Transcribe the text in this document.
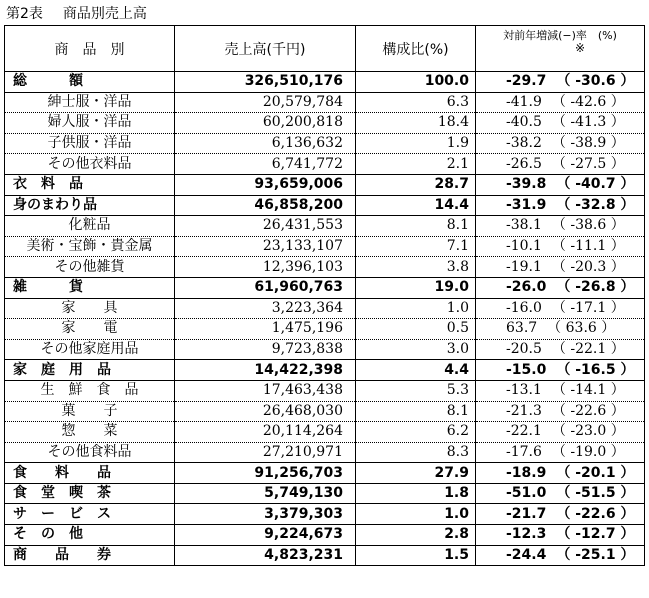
第2表 商品別売上高
商　品　別	売上高(千円)	構成比(%)	対前年増減(−)率　(%)
※

総　　　額	326,510,176	100.0	-29.7 （ -30.6 ）
紳士服・洋品	20,579,784	6.3	-41.9 （ -42.6 ）
婦人服・洋品	60,200,818	18.4	-40.5 （ -41.3 ）
子供服・洋品	6,136,632	1.9	-38.2 （ -38.9 ）
その他衣料品	6,741,772	2.1	-26.5 （ -27.5 ）
衣　料　品	93,659,006	28.7	-39.8 （ -40.7 ）
身のまわり品	46,858,200	14.4	-31.9 （ -32.8 ）
化粧品	26,431,553	8.1	-38.1 （ -38.6 ）
美術・宝飾・貴金属	23,133,107	7.1	-10.1 （ -11.1 ）
その他雑貨	12,396,103	3.8	-19.1 （ -20.3 ）
雑　　　貨	61,960,763	19.0	-26.0 （ -26.8 ）
家　　具	3,223,364	1.0	-16.0 （ -17.1 ）
家　　電	1,475,196	0.5	63.7 （ 63.6 ）
その他家庭用品	9,723,838	3.0	-20.5 （ -22.1 ）
家　庭　用　品	14,422,398	4.4	-15.0 （ -16.5 ）
生　鮮　食　品	17,463,438	5.3	-13.1 （ -14.1 ）
菓　　子	26,468,030	8.1	-21.3 （ -22.6 ）
惣　　菜	20,114,264	6.2	-22.1 （ -23.0 ）
その他食料品	27,210,971	8.3	-17.6 （ -19.0 ）
食　　料　　品	91,256,703	27.9	-18.9 （ -20.1 ）
食　堂　喫　茶	5,749,130	1.8	-51.0 （ -51.5 ）
サ　ー　ビ　ス	3,379,303	1.0	-21.7 （ -22.6 ）
そ　の　他	9,224,673	2.8	-12.3 （ -12.7 ）
商　　品　　券	4,823,231	1.5	-24.4 （ -25.1 ）
